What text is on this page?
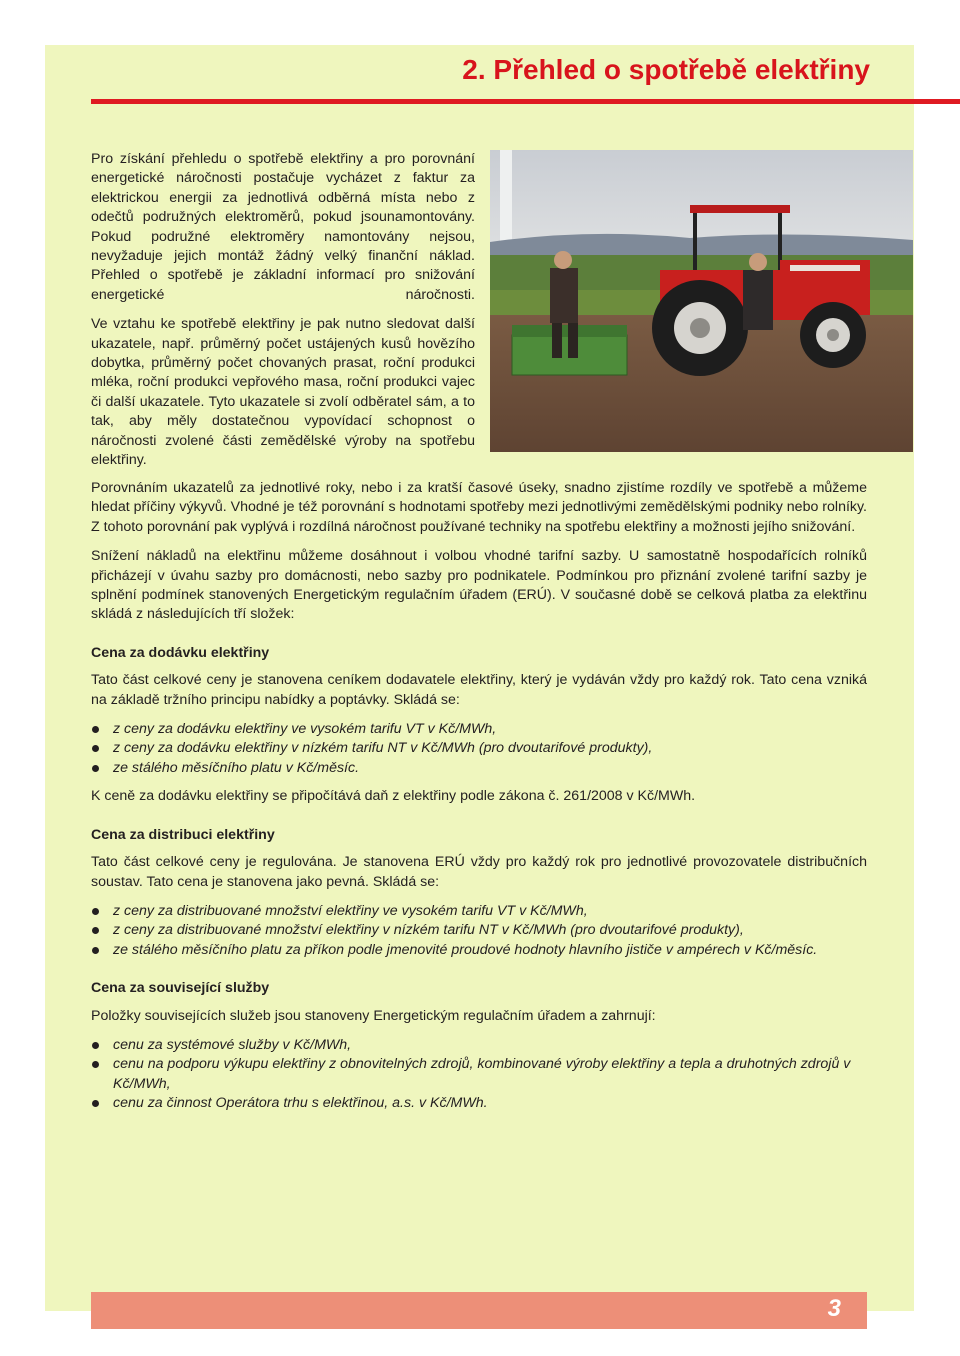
2. Přehled o spotřebě elektřiny

Pro získání přehledu o spotřebě elektřiny a pro porovnání energetické náročnosti postačuje vycházet z faktur za elektrickou energii za jednotlivá odběrná místa nebo z odečtů podružných elektroměrů, pokud jsounamontovány. Pokud podružné elektroměry namontovány nejsou, nevyžaduje jejich montáž žádný velký finanční náklad. Přehled o spotřebě je základní informací pro snižování energetické náročnosti.

Ve vztahu ke spotřebě elektřiny je pak nutno sledovat další ukazatele, např. průměrný počet ustájených kusů hovězího dobytka, průměrný počet chovaných prasat, roční produkci mléka, roční produkci vepřového masa, roční produkci vajec či další ukazatele. Tyto ukazatele si zvolí odběratel sám, a to tak, aby měly dostatečnou vypovídací schopnost o náročnosti zvolené části zemědělské výroby na spotřebu elektřiny.

Porovnáním ukazatelů za jednotlivé roky, nebo i za kratší časové úseky, snadno zjistíme rozdíly ve spotřebě a můžeme hledat příčiny výkyvů. Vhodné je též porovnání s hodnotami spotřeby mezi jednotlivými zemědělskými podniky nebo rolníky. Z tohoto porovnání pak vyplývá i rozdílná náročnost používané techniky na spotřebu elektřiny a možnosti jejího snižování.

Snížení nákladů na elektřinu můžeme dosáhnout i volbou vhodné tarifní sazby. U samostatně hospodařících rolníků přicházejí v úvahu sazby pro domácnosti, nebo sazby pro podnikatele. Podmínkou pro přiznání zvolené tarifní sazby je splnění podmínek stanovených Energetickým regulačním úřadem (ERÚ). V současné době se celková platba za elektřinu skládá z následujících tří složek:

Cena za dodávku elektřiny

Tato část celkové ceny je stanovena ceníkem dodavatele elektřiny, který je vydáván vždy pro každý rok. Tato cena vzniká na základě tržního principu nabídky a poptávky. Skládá se:

z ceny za dodávku elektřiny ve vysokém tarifu VT v Kč/MWh,
z ceny za dodávku elektřiny v nízkém tarifu NT v Kč/MWh (pro dvoutarifové produkty),
ze stálého měsíčního platu v Kč/měsíc.

K ceně za dodávku elektřiny se připočítává daň z elektřiny podle zákona č. 261/2008 v Kč/MWh.

Cena za distribuci elektřiny

Tato část celkové ceny je regulována. Je stanovena ERÚ vždy pro každý rok pro jednotlivé provozovatele distribučních soustav. Tato cena je stanovena jako pevná. Skládá se:

z ceny za distribuované množství elektřiny ve vysokém tarifu VT v Kč/MWh,
z ceny za distribuované množství elektřiny v nízkém tarifu NT v Kč/MWh (pro dvoutarifové produkty),
ze stálého měsíčního platu za příkon podle jmenovité proudové hodnoty hlavního jističe v ampérech v Kč/měsíc.
Cena za související služby

Položky souvisejících služeb jsou stanoveny Energetickým regulačním úřadem a zahrnují:

cenu za systémové služby v Kč/MWh,
cenu na podporu výkupu elektřiny z obnovitelných zdrojů, kombinované výroby elektřiny a tepla a druhotných zdrojů v Kč/MWh,
cenu za činnost Operátora trhu s elektřinou, a.s. v Kč/MWh.
3
